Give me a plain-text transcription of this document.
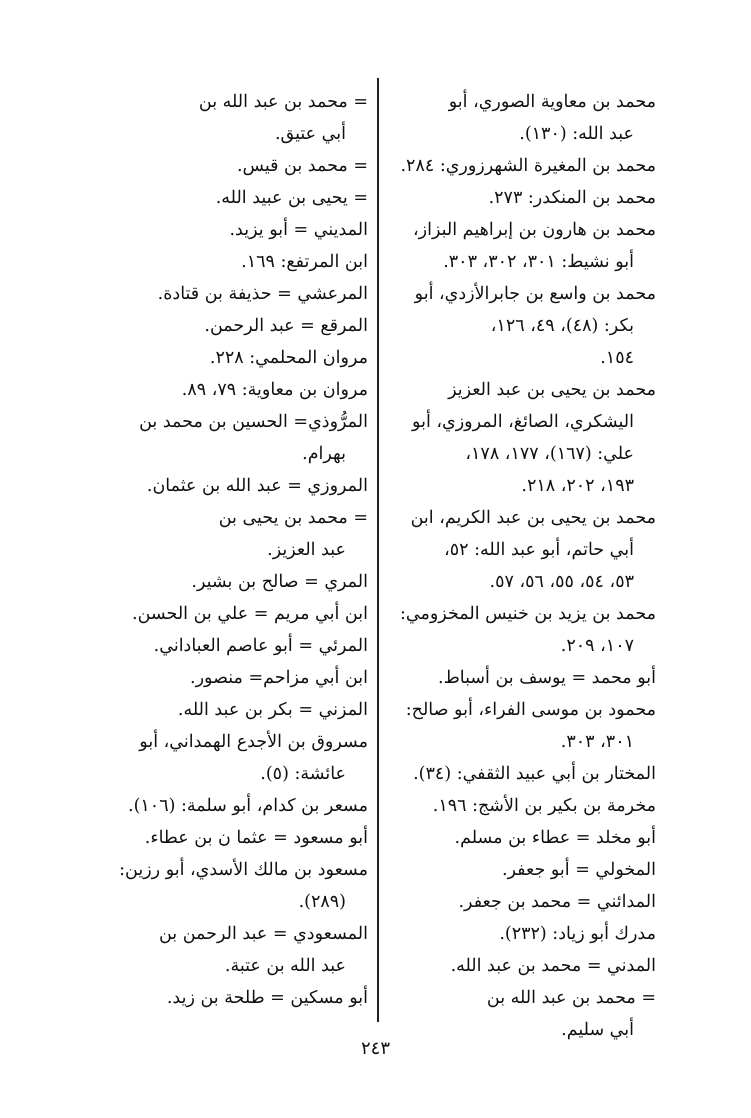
محمد بن معاوية الصوري، أبو
عبد الله: (١٣٠).
محمد بن المغيرة الشهرزوري: ٢٨٤.
محمد بن المنكدر: ٢٧٣.
محمد بن هارون بن إبراهيم البزاز،
أبو نشيط: ٣٠١، ٣٠٢، ٣٠٣.
محمد بن واسع بن جابرالأزدي، أبو
بكر: (٤٨)، ٤٩، ١٢٦،
١٥٤.
محمد بن يحيى بن عبد العزيز
اليشكري، الصائغ، المروزي، أبو
علي: (١٦٧)، ١٧٧، ١٧٨،
١٩٣، ٢٠٢، ٢١٨.
محمد بن يحيى بن عبد الكريم، ابن
أبي حاتم، أبو عبد الله: ٥٢،
٥٣، ٥٤، ٥٥، ٥٦، ٥٧.
محمد بن يزيد بن خنيس المخزومي:
١٠٧، ٢٠٩.
أبو محمد = يوسف بن أسباط.
محمود بن موسى الفراء، أبو صالح:
٣٠١، ٣٠٣.
المختار بن أبي عبيد الثقفي: (٣٤).
مخرمة بن بكير بن الأشج: ١٩٦.
أبو مخلد = عطاء بن مسلم.
المخولي = أبو جعفر.
المدائني = محمد بن جعفر.
مدرك أبو زياد: (٢٣٢).
المدني = محمد بن عبد الله.
= محمد بن عبد الله بن
أبي سليم.
= محمد بن عبد الله بن
أبي عتيق.
= محمد بن قيس.
= يحيى بن عبيد الله.
المديني = أبو يزيد.
ابن المرتفع: ١٦٩.
المرعشي = حذيفة بن قتادة.
المرقع = عبد الرحمن.
مروان المحلمي: ٢٢٨.
مروان بن معاوية: ٧٩، ٨٩.
المرُّوذي= الحسين بن محمد بن
بهرام.
المروزي = عبد الله بن عثمان.
= محمد بن يحيى بن
عبد العزيز.
المري = صالح بن بشير.
ابن أبي مريم = علي بن الحسن.
المرئي = أبو عاصم العباداني.
ابن أبي مزاحم= منصور.
المزني = بكر بن عبد الله.
مسروق بن الأجدع الهمداني، أبو
عائشة: (٥).
مسعر بن كدام، أبو سلمة: (١٠٦).
أبو مسعود = عثما ن بن عطاء.
مسعود بن مالك الأسدي، أبو رزين:
(٢٨٩).
المسعودي = عبد الرحمن بن
عبد الله بن عتبة.
أبو مسكين = طلحة بن زيد.
٢٤٣
